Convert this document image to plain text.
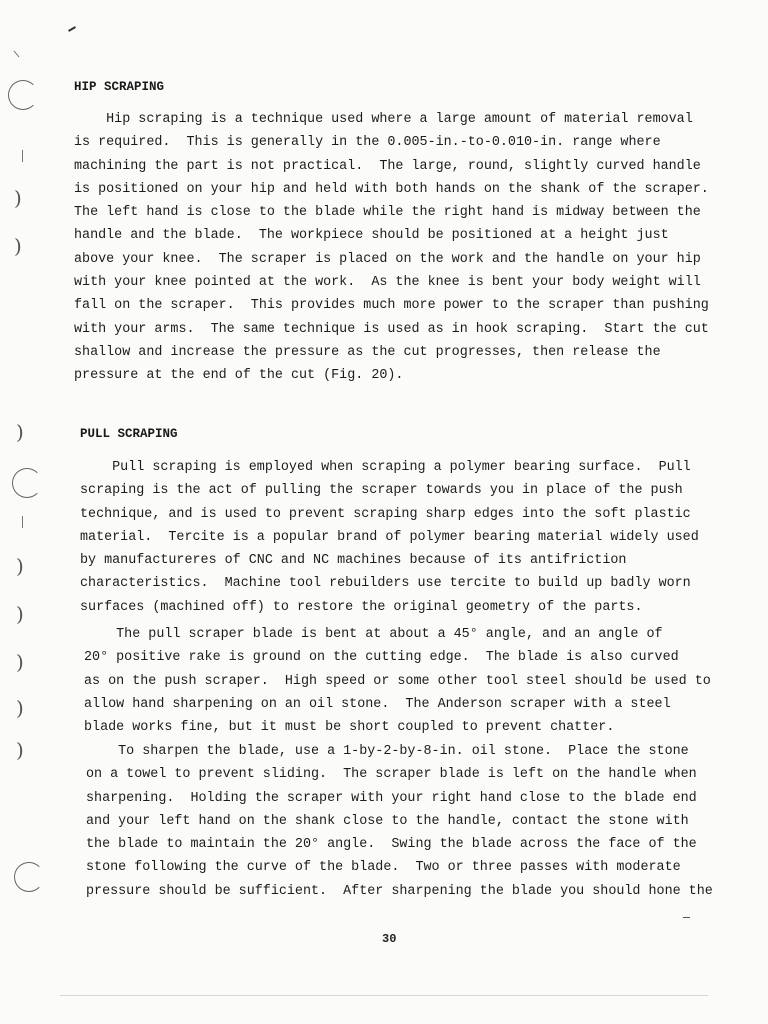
)
)
)
)
)
)
)
)
HIP SCRAPING
Hip scraping is a technique used where a large amount of material removal
is required.  This is generally in the 0.005-in.-to-0.010-in. range where
machining the part is not practical.  The large, round, slightly curved handle
is positioned on your hip and held with both hands on the shank of the scraper.
The left hand is close to the blade while the right hand is midway between the
handle and the blade.  The workpiece should be positioned at a height just
above your knee.  The scraper is placed on the work and the handle on your hip
with your knee pointed at the work.  As the knee is bent your body weight will
fall on the scraper.  This provides much more power to the scraper than pushing
with your arms.  The same technique is used as in hook scraping.  Start the cut
shallow and increase the pressure as the cut progresses, then release the
pressure at the end of the cut (Fig. 20).
PULL SCRAPING
Pull scraping is employed when scraping a polymer bearing surface.  Pull
scraping is the act of pulling the scraper towards you in place of the push
technique, and is used to prevent scraping sharp edges into the soft plastic
material.  Tercite is a popular brand of polymer bearing material widely used
by manufactureres of CNC and NC machines because of its antifriction
characteristics.  Machine tool rebuilders use tercite to build up badly worn
surfaces (machined off) to restore the original geometry of the parts.
The pull scraper blade is bent at about a 45° angle, and an angle of
20° positive rake is ground on the cutting edge.  The blade is also curved
as on the push scraper.  High speed or some other tool steel should be used to
allow hand sharpening on an oil stone.  The Anderson scraper with a steel
blade works fine, but it must be short coupled to prevent chatter.
To sharpen the blade, use a 1-by-2-by-8-in. oil stone.  Place the stone
on a towel to prevent sliding.  The scraper blade is left on the handle when
sharpening.  Holding the scraper with your right hand close to the blade end
and your left hand on the shank close to the handle, contact the stone with
the blade to maintain the 20° angle.  Swing the blade across the face of the
stone following the curve of the blade.  Two or three passes with moderate
pressure should be sufficient.  After sharpening the blade you should hone the
30
